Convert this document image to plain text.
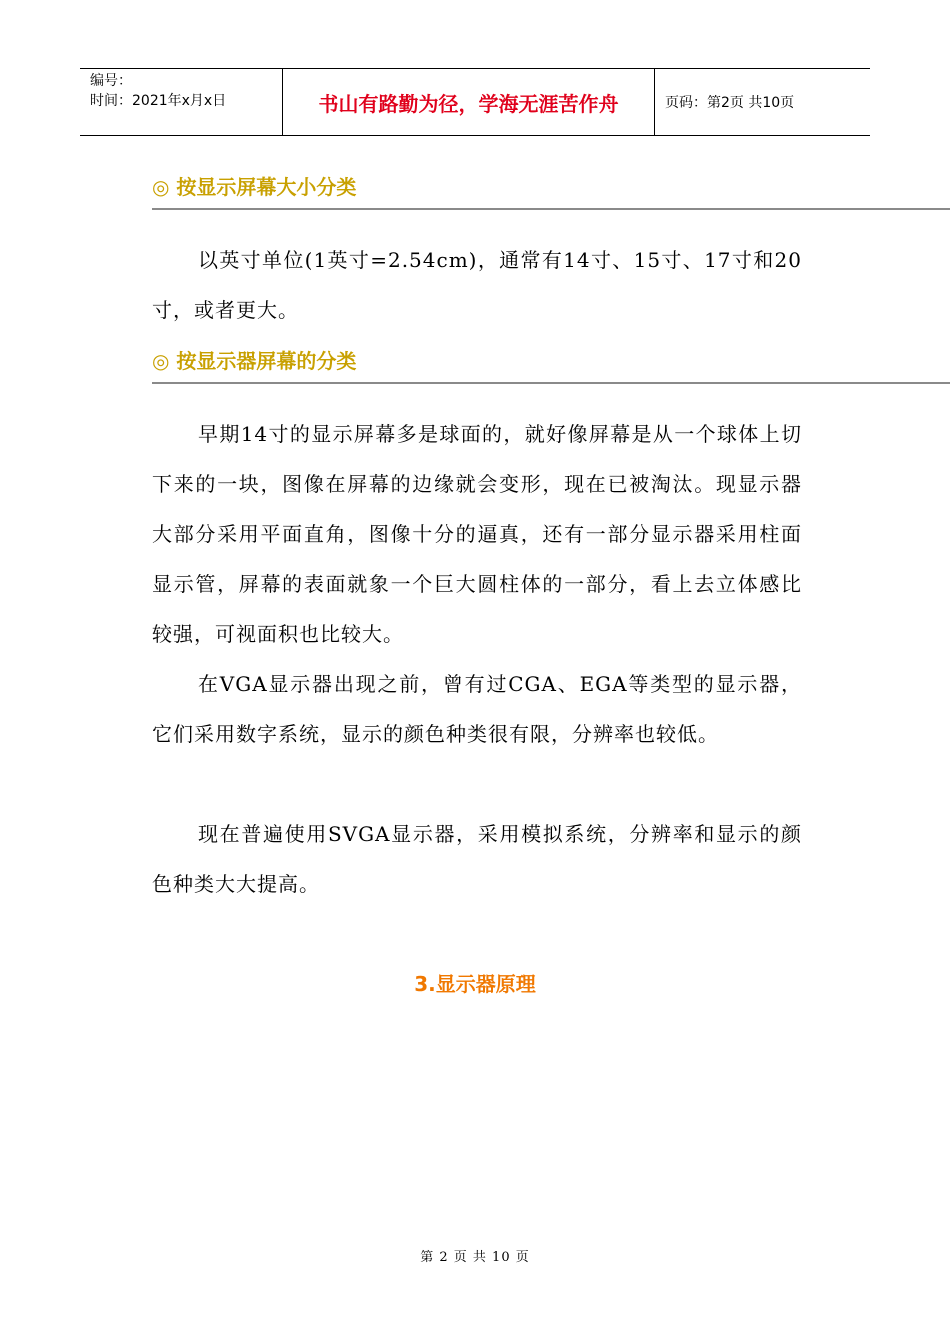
编号：
时间：2021年x月x日	书山有路勤为径，学海无涯苦作舟	页码：第2页 共10页
◎ 按显示屏幕大小分类

以英寸单位(1英寸=2.54cm)，通常有14寸、15寸、17寸和20寸，或者更大。

◎ 按显示器屏幕的分类

早期14寸的显示屏幕多是球面的，就好像屏幕是从一个球体上切下来的一块，图像在屏幕的边缘就会变形，现在已被淘汰。现显示器大部分采用平面直角，图像十分的逼真，还有一部分显示器采用柱面显示管，屏幕的表面就象一个巨大圆柱体的一部分，看上去立体感比较强，可视面积也比较大。

在VGA显示器出现之前，曾有过CGA、EGA等类型的显示器，它们采用数字系统，显示的颜色种类很有限，分辨率也较低。

现在普遍使用SVGA显示器，采用模拟系统，分辨率和显示的颜色种类大大提高。

3.显示器原理
第 2 页 共 10 页
